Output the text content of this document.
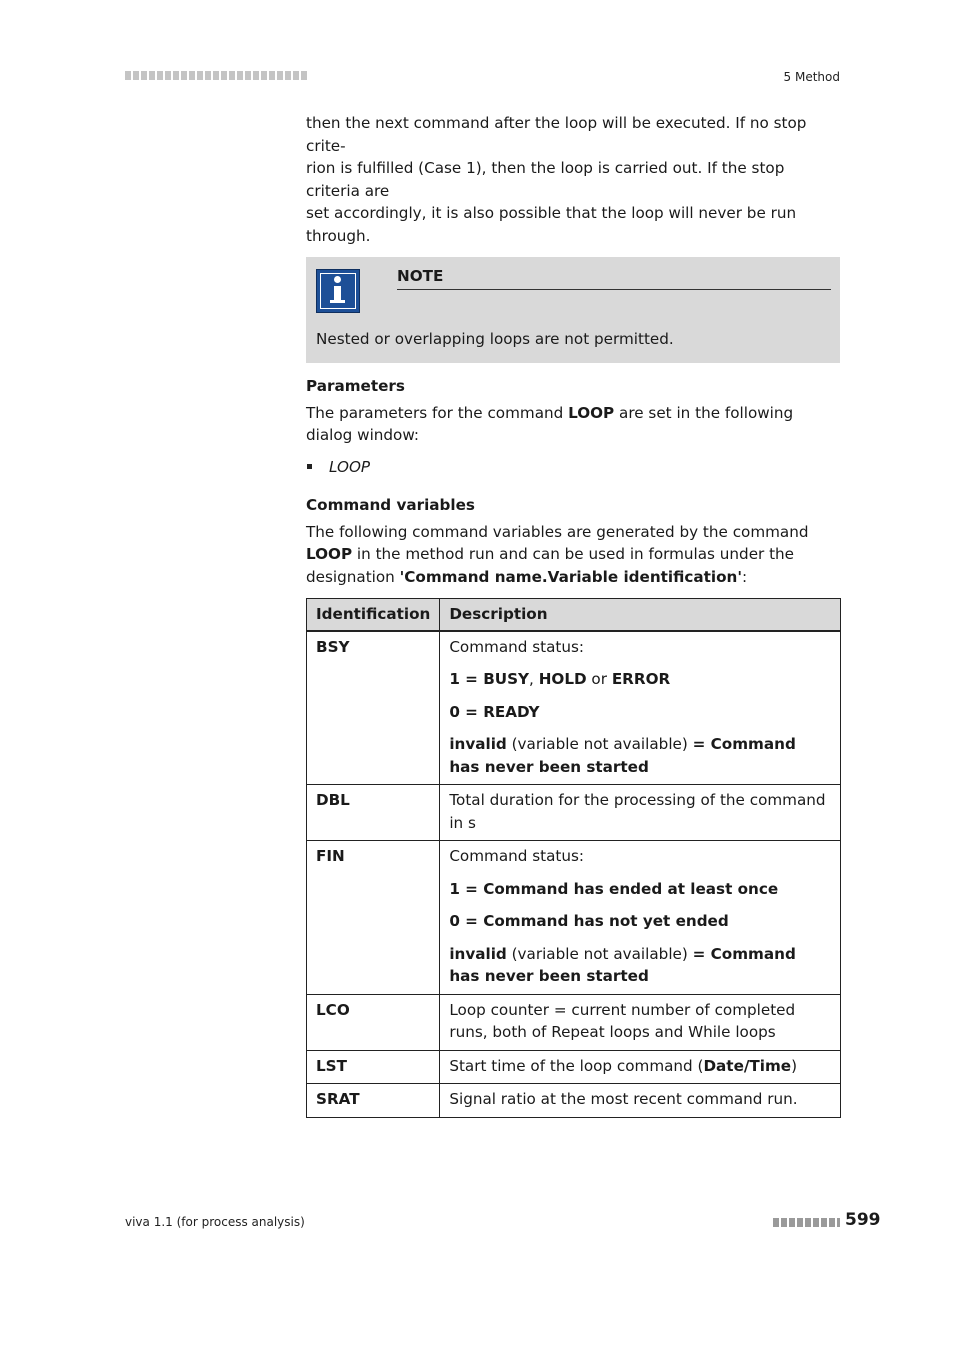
5 Method

then the next command after the loop will be executed. If no stop crite-

rion is fulfilled (Case 1), then the loop is carried out. If the stop criteria are

set accordingly, it is also possible that the loop will never be run through.

NOTE
Nested or overlapping loops are not permitted.
Parameters

The parameters for the command LOOP are set in the following dialog window:

LOOP
Command variables

The following command variables are generated by the command LOOP in the method run and can be used in formulas under the designation 'Command name.Variable identification':

Identification	Description
BSY	Command status:
1 = BUSY, HOLD or ERROR
0 = READY
invalid (variable not available) = Command has never been started

DBL	Total duration for the processing of the command in s

FIN	Command status:
1 = Command has ended at least once
0 = Command has not yet ended
invalid (variable not available) = Command has never been started

LCO	Loop counter = current number of completed runs, both of Repeat loops and While loops

LST	Start time of the loop command (Date/Time)

SRAT	Signal ratio at the most recent command run.
viva 1.1 (for process analysis)	599
